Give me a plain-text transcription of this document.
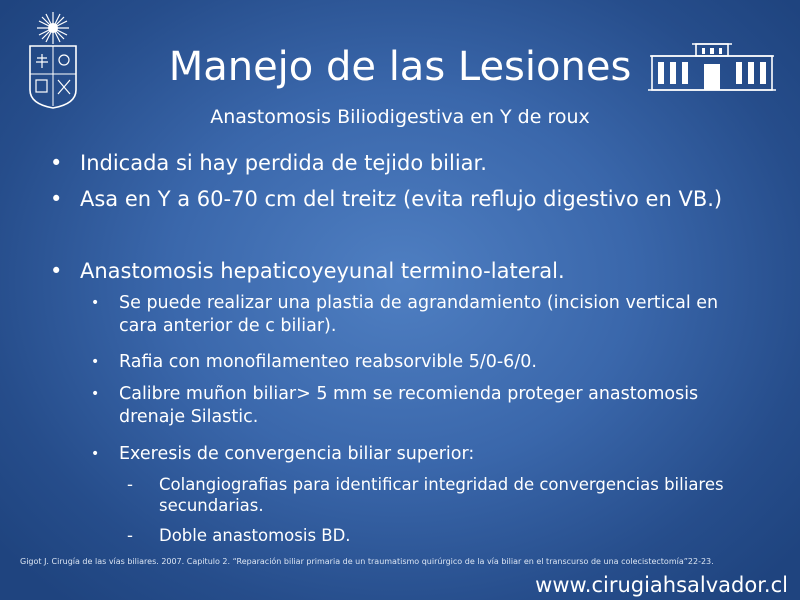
Manejo de las Lesiones
Anastomosis Biliodigestiva en Y de roux
• Indicada si hay perdida de tejido biliar.
• Asa en Y a 60-70 cm del treitz (evita reflujo digestivo en VB.)
• Anastomosis hepaticoyeyunal termino-lateral.
• Se puede realizar una plastia de agrandamiento (incision vertical en cara anterior de c biliar).
• Rafia con monofilamenteo reabsorvible 5/0-6/0.
• Calibre muñon biliar> 5 mm se recomienda proteger anastomosis drenaje Silastic.
• Exeresis de convergencia biliar superior:
- Colangiografias para identificar integridad de convergencias biliares secundarias.
- Doble anastomosis BD.
Gigot J. Cirugía de las vías biliares. 2007. Capitulo 2. “Reparación biliar primaria de un traumatismo quirúrgico de la vía biliar en el transcurso de una colecistectomía”22-23.
www.cirugiahsalvador.cl
